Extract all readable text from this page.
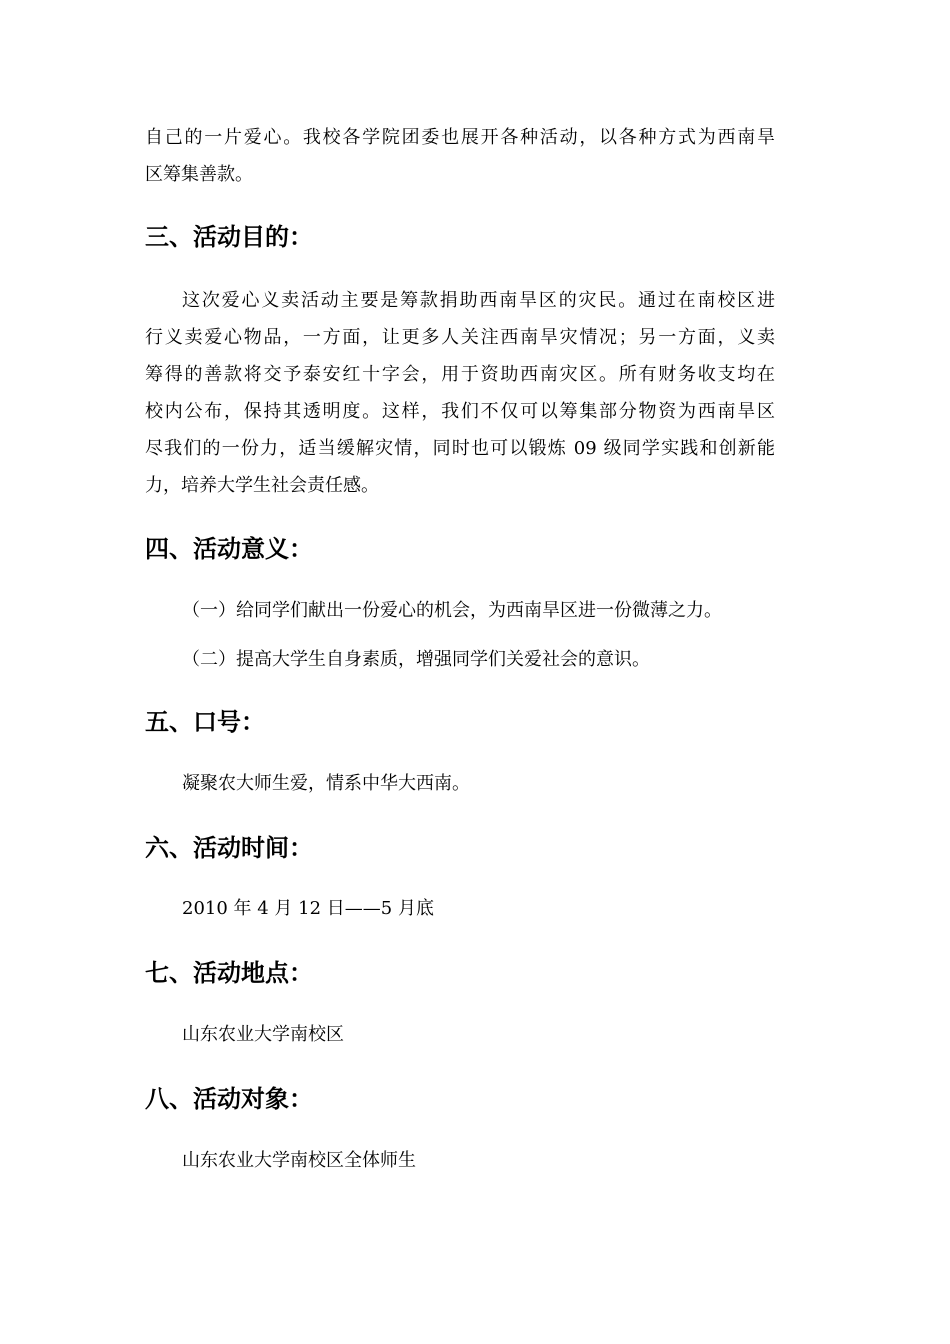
自己的一片爱心。我校各学院团委也展开各种活动，以各种方式为西南旱
区筹集善款。
三、活动目的：
这次爱心义卖活动主要是筹款捐助西南旱区的灾民。通过在南校区进
行义卖爱心物品，一方面，让更多人关注西南旱灾情况；另一方面，义卖
筹得的善款将交予泰安红十字会，用于资助西南灾区。所有财务收支均在
校内公布，保持其透明度。这样，我们不仅可以筹集部分物资为西南旱区
尽我们的一份力，适当缓解灾情，同时也可以锻炼 09 级同学实践和创新能
力，培养大学生社会责任感。
四、活动意义：

（一）给同学们献出一份爱心的机会，为西南旱区进一份微薄之力。

（二）提高大学生自身素质，增强同学们关爱社会的意识。

五、口号：

凝聚农大师生爱，情系中华大西南。

六、活动时间：

2010 年 4 月 12 日——5 月底

七、活动地点：

山东农业大学南校区

八、活动对象：

山东农业大学南校区全体师生
